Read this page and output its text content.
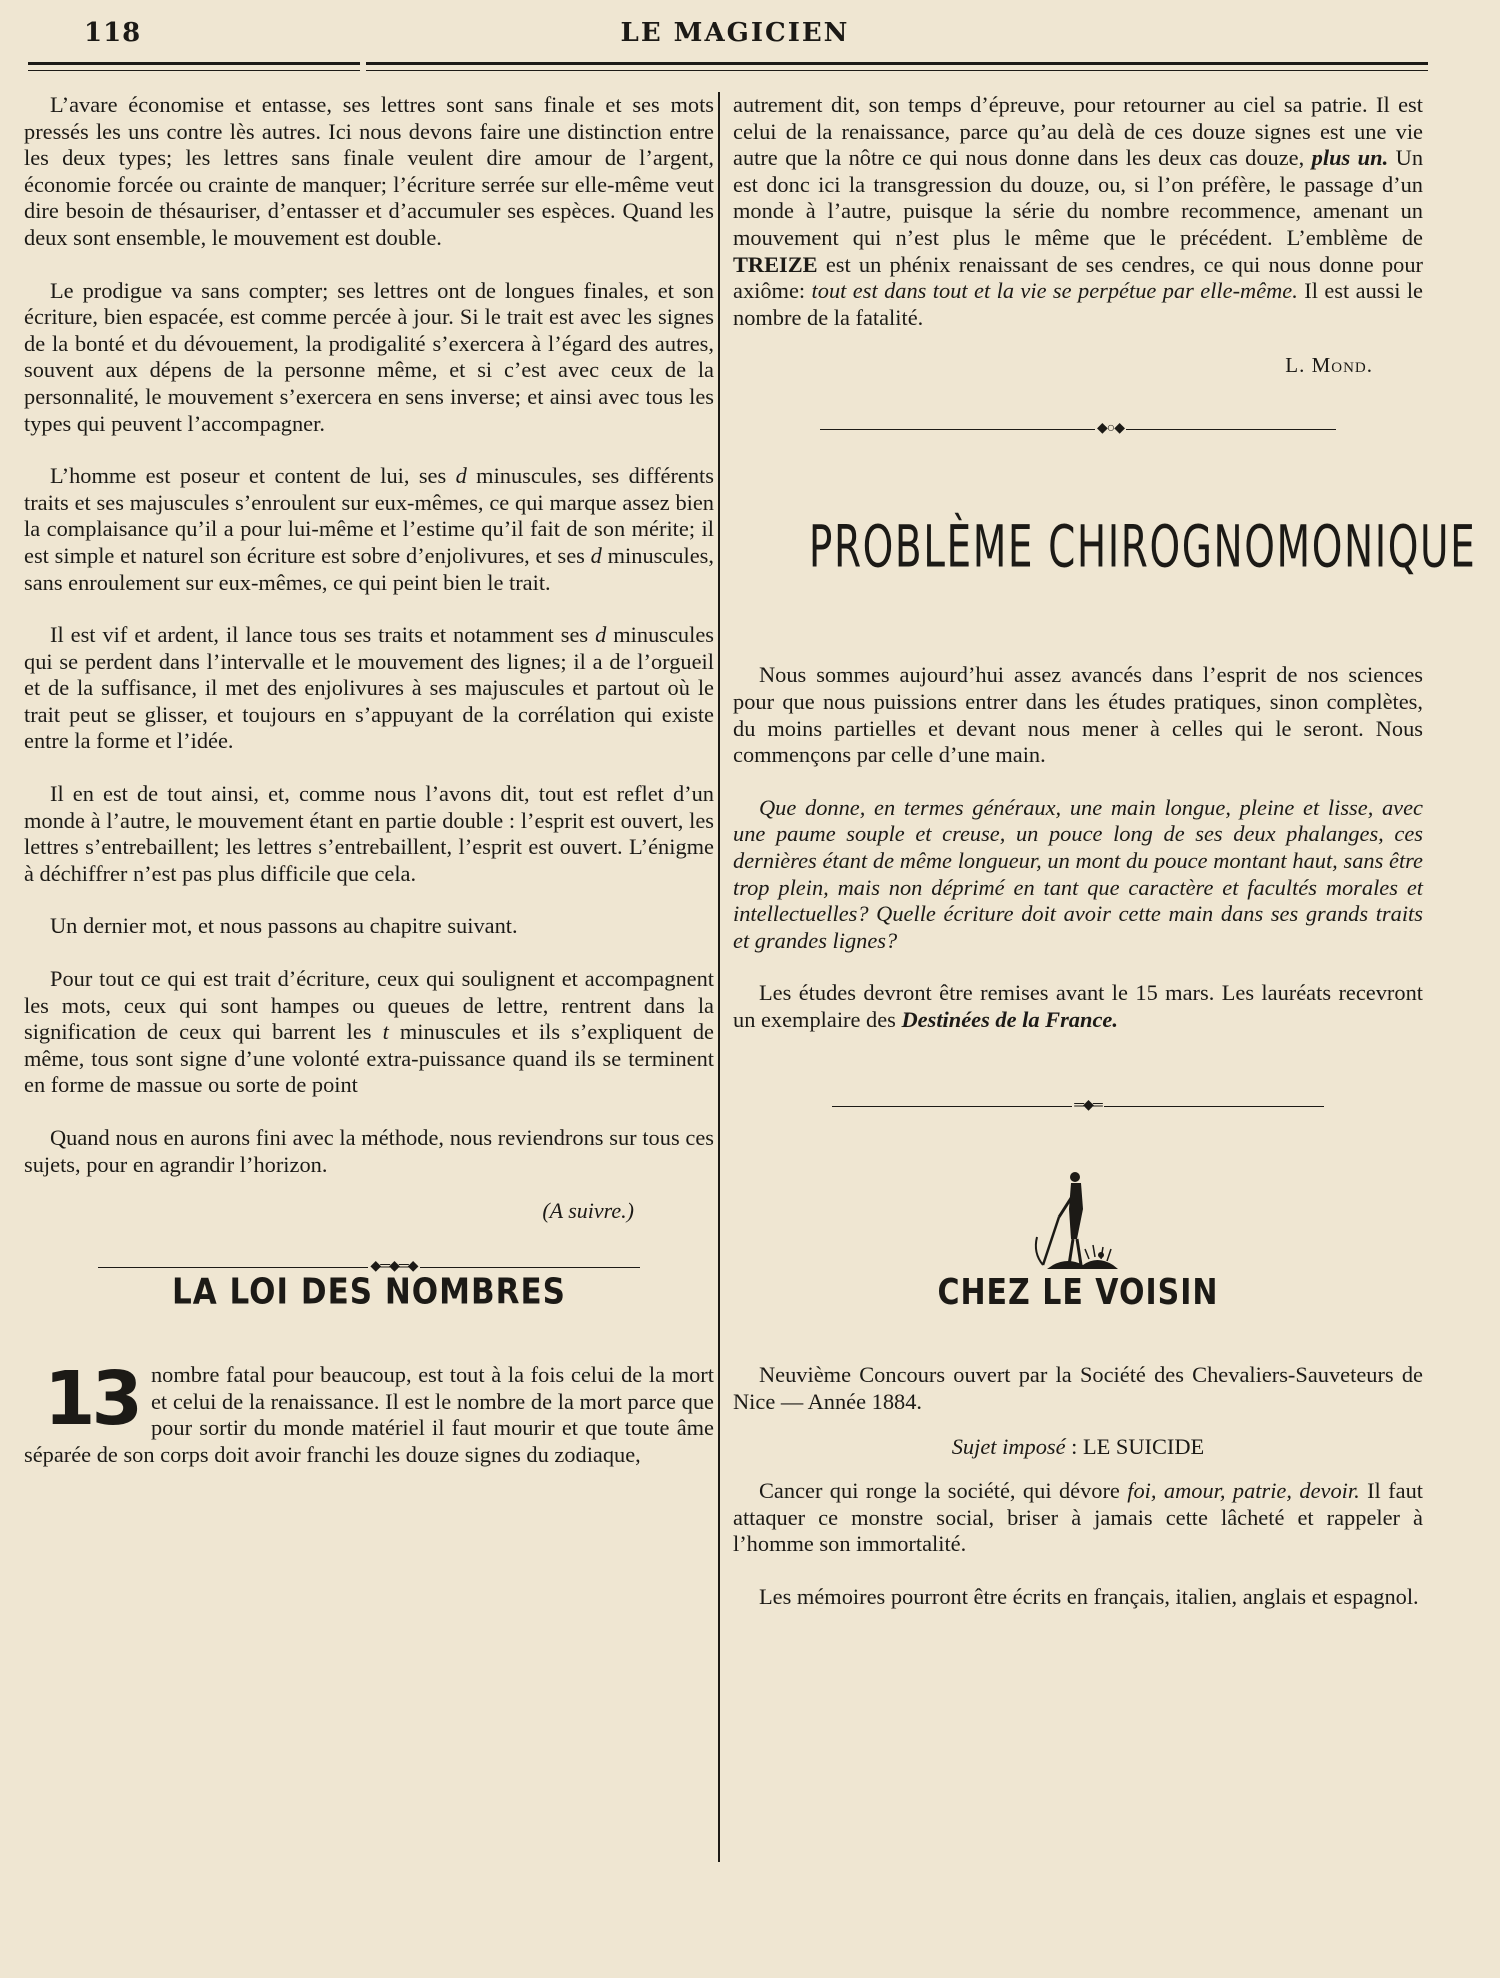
118	LE MAGICIEN

L’avare économise et entasse, ses lettres sont sans finale et ses mots pressés les uns contre lès autres. Ici nous devons faire une distinction entre les deux types; les lettres sans finale veulent dire amour de l’argent, économie forcée ou crainte de manquer; l’écriture serrée sur elle-même veut dire besoin de thésauriser, d’entasser et d’accumuler ses espèces. Quand les deux sont ensemble, le mouvement est double.

Le prodigue va sans compter; ses lettres ont de longues finales, et son écriture, bien espacée, est comme percée à jour. Si le trait est avec les signes de la bonté et du dévouement, la prodigalité s’exercera à l’égard des autres, souvent aux dépens de la personne même, et si c’est avec ceux de la personnalité, le mouvement s’exercera en sens inverse; et ainsi avec tous les types qui peuvent l’accompagner.

L’homme est poseur et content de lui, ses d minuscules, ses différents traits et ses majuscules s’enroulent sur eux-mêmes, ce qui marque assez bien la complaisance qu’il a pour lui-même et l’estime qu’il fait de son mérite; il est simple et naturel son écriture est sobre d’enjolivures, et ses d minuscules, sans enroulement sur eux-mêmes, ce qui peint bien le trait.

Il est vif et ardent, il lance tous ses traits et notamment ses d minuscules qui se perdent dans l’intervalle et le mouvement des lignes; il a de l’orgueil et de la suffisance, il met des enjolivures à ses majuscules et partout où le trait peut se glisser, et toujours en s’appuyant de la corrélation qui existe entre la forme et l’idée.

Il en est de tout ainsi, et, comme nous l’avons dit, tout est reflet d’un monde à l’autre, le mouvement étant en partie double : l’esprit est ouvert, les lettres s’entrebaillent; les lettres s’entrebaillent, l’esprit est ouvert. L’énigme à déchiffrer n’est pas plus difficile que cela.

Un dernier mot, et nous passons au chapitre suivant.

Pour tout ce qui est trait d’écriture, ceux qui soulignent et accompagnent les mots, ceux qui sont hampes ou queues de lettre, rentrent dans la signification de ceux qui barrent les t minuscules et ils s’expliquent de même, tous sont signe d’une volonté extra-puissance quand ils se terminent en forme de massue ou sorte de point

Quand nous en aurons fini avec la méthode, nous reviendrons sur tous ces sujets, pour en agrandir l’horizon.

(A suivre.)
◆═◆═◆
LA LOI DES NOMBRES

13 nombre fatal pour beaucoup, est tout à la fois celui de la mort et celui de la renaissance. Il est le nombre de la mort parce que pour sortir du monde matériel il faut mourir et que toute âme séparée de son corps doit avoir franchi les douze signes du zodiaque,

autrement dit, son temps d’épreuve, pour retourner au ciel sa patrie. Il est celui de la renaissance, parce qu’au delà de ces douze signes est une vie autre que la nôtre ce qui nous donne dans les deux cas douze, plus un. Un est donc ici la transgression du douze, ou, si l’on préfère, le passage d’un monde à l’autre, puisque la série du nombre recommence, amenant un mouvement qui n’est plus le même que le précédent. L’emblème de TREIZE est un phénix renaissant de ses cendres, ce qui nous donne pour axiôme: tout est dans tout et la vie se perpétue par elle-même. Il est aussi le nombre de la fatalité.

L. Mond.
◆○◆
PROBLÈME CHIROGNOMONIQUE

Nous sommes aujourd’hui assez avancés dans l’esprit de nos sciences pour que nous puissions entrer dans les études pratiques, sinon complètes, du moins partielles et devant nous mener à celles qui le seront. Nous commençons par celle d’une main.

Que donne, en termes généraux, une main longue, pleine et lisse, avec une paume souple et creuse, un pouce long de ses deux phalanges, ces dernières étant de même longueur, un mont du pouce montant haut, sans être trop plein, mais non déprimé en tant que caractère et facultés morales et intellectuelles? Quelle écriture doit avoir cette main dans ses grands traits et grandes lignes?

Les études devront être remises avant le 15 mars. Les lauréats recevront un exemplaire des Destinées de la France.

═◆═
CHEZ LE VOISIN

Neuvième Concours ouvert par la Société des Chevaliers-Sauveteurs de Nice — Année 1884.

Sujet imposé : LE SUICIDE

Cancer qui ronge la société, qui dévore foi, amour, patrie, devoir. Il faut attaquer ce monstre social, briser à jamais cette lâcheté et rappeler à l’homme son immortalité.

Les mémoires pourront être écrits en français, italien, anglais et espagnol.
